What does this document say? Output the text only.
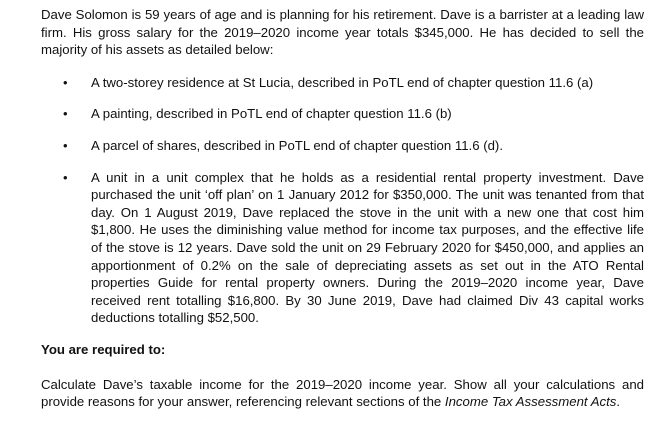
Dave Solomon is 59 years of age and is planning for his retirement. Dave is a barrister at a leading law firm. His gross salary for the 2019–2020 income year totals $345,000. He has decided to sell the majority of his assets as detailed below:

• A two-storey residence at St Lucia, described in PoTL end of chapter question 11.6 (a)
• A painting, described in PoTL end of chapter question 11.6 (b)
• A parcel of shares, described in PoTL end of chapter question 11.6 (d).
• A unit in a unit complex that he holds as a residential rental property investment. Dave purchased the unit ‘off plan’ on 1 January 2012 for $350,000. The unit was tenanted from that day. On 1 August 2019, Dave replaced the stove in the unit with a new one that cost him $1,800. He uses the diminishing value method for income tax purposes, and the effective life of the stove is 12 years. Dave sold the unit on 29 February 2020 for $450,000, and applies an apportionment of 0.2% on the sale of depreciating assets as set out in the ATO Rental properties Guide for rental property owners. During the 2019–2020 income year, Dave received rent totalling $16,800. By 30 June 2019, Dave had claimed Div 43 capital works deductions totalling $52,500.

You are required to:

Calculate Dave’s taxable income for the 2019–2020 income year. Show all your calculations and provide reasons for your answer, referencing relevant sections of the Income Tax Assessment Acts.
